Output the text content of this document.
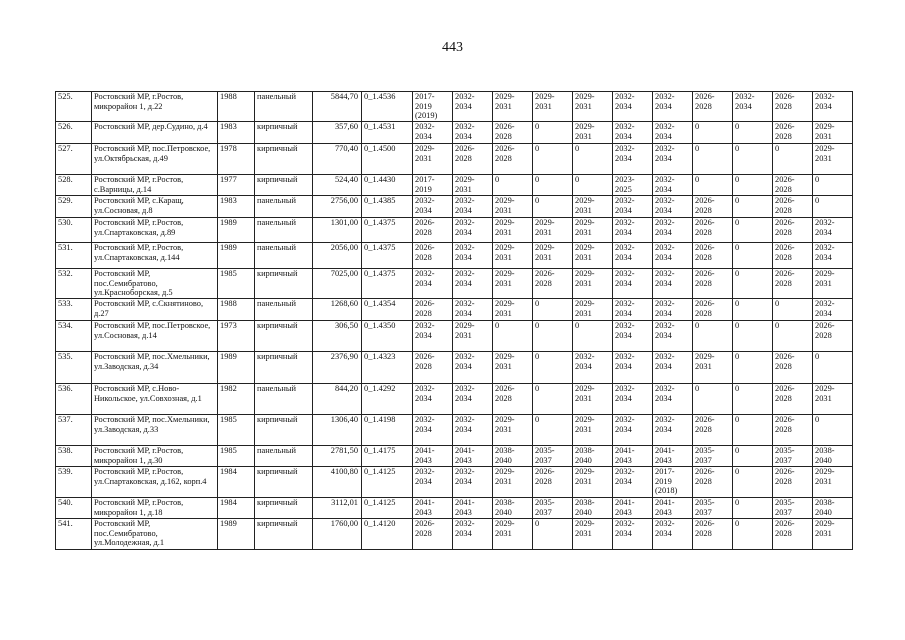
443
525.	Ростовский МР, г.Ростов, микрорайон 1, д.22	1988	панельный	5844,70	0_1.4536	2017-2019 (2019)	2032-2034	2029-2031	2029-2031	2029-2031	2032-2034	2032-2034	2026-2028	2032-2034	2026-2028	2032-2034
526.	Ростовский МР, дер.Судино, д.4	1983	кирпичный	357,60	0_1.4531	2032-2034	2032-2034	2026-2028	0	2029-2031	2032-2034	2032-2034	0	0	2026-2028	2029-2031
527.	Ростовский МР, пос.Петровское, ул.Октябрьская, д.49	1978	кирпичный	770,40	0_1.4500	2029-2031	2026-2028	2026-2028	0	0	2032-2034	2032-2034	0	0	0	2029-2031
528.	Ростовский МР, г.Ростов, с.Варницы, д.14	1977	кирпичный	524,40	0_1.4430	2017-2019	2029-2031	0	0	0	2023-2025	2032-2034	0	0	2026-2028	0
529.	Ростовский МР, с.Каращ, ул.Сосновая, д.8	1983	панельный	2756,00	0_1.4385	2032-2034	2032-2034	2029-2031	0	2029-2031	2032-2034	2032-2034	2026-2028	0	2026-2028	0
530.	Ростовский МР, г.Ростов, ул.Спартаковская, д.89	1989	панельный	1301,00	0_1.4375	2026-2028	2032-2034	2029-2031	2029-2031	2029-2031	2032-2034	2032-2034	2026-2028	0	2026-2028	2032-2034
531.	Ростовский МР, г.Ростов, ул.Спартаковская, д.144	1989	панельный	2056,00	0_1.4375	2026-2028	2032-2034	2029-2031	2029-2031	2029-2031	2032-2034	2032-2034	2026-2028	0	2026-2028	2032-2034
532.	Ростовский МР, пос.Семибратово, ул.Красноборская, д.5	1985	кирпичный	7025,00	0_1.4375	2032-2034	2032-2034	2029-2031	2026-2028	2029-2031	2032-2034	2032-2034	2026-2028	0	2026-2028	2029-2031
533.	Ростовский МР, с.Скнятиново, д.27	1988	панельный	1268,60	0_1.4354	2026-2028	2032-2034	2029-2031	0	2029-2031	2032-2034	2032-2034	2026-2028	0	0	2032-2034
534.	Ростовский МР, пос.Петровское, ул.Сосновая, д.14	1973	кирпичный	306,50	0_1.4350	2032-2034	2029-2031	0	0	0	2032-2034	2032-2034	0	0	0	2026-2028
535.	Ростовский МР, пос.Хмельники, ул.Заводская, д.34	1989	кирпичный	2376,90	0_1.4323	2026-2028	2032-2034	2029-2031	0	2032-2034	2032-2034	2032-2034	2029-2031	0	2026-2028	0
536.	Ростовский МР, с.Ново-Никольское, ул.Совхозная, д.1	1982	панельный	844,20	0_1.4292	2032-2034	2032-2034	2026-2028	0	2029-2031	2032-2034	2032-2034	0	0	2026-2028	2029-2031
537.	Ростовский МР, пос.Хмельники, ул.Заводская, д.33	1985	кирпичный	1306,40	0_1.4198	2032-2034	2032-2034	2029-2031	0	2029-2031	2032-2034	2032-2034	2026-2028	0	2026-2028	0
538.	Ростовский МР, г.Ростов, микрорайон 1, д.30	1985	панельный	2781,50	0_1.4175	2041-2043	2041-2043	2038-2040	2035-2037	2038-2040	2041-2043	2041-2043	2035-2037	0	2035-2037	2038-2040
539.	Ростовский МР, г.Ростов, ул.Спартаковская, д.162, корп.4	1984	кирпичный	4100,80	0_1.4125	2032-2034	2032-2034	2029-2031	2026-2028	2029-2031	2032-2034	2017-2019 (2018)	2026-2028	0	2026-2028	2029-2031
540.	Ростовский МР, г.Ростов, микрорайон 1, д.18	1984	кирпичный	3112,01	0_1.4125	2041-2043	2041-2043	2038-2040	2035-2037	2038-2040	2041-2043	2041-2043	2035-2037	0	2035-2037	2038-2040
541.	Ростовский МР, пос.Семибратово, ул.Молодежная, д.1	1989	кирпичный	1760,00	0_1.4120	2026-2028	2032-2034	2029-2031	0	2029-2031	2032-2034	2032-2034	2026-2028	0	2026-2028	2029-2031
